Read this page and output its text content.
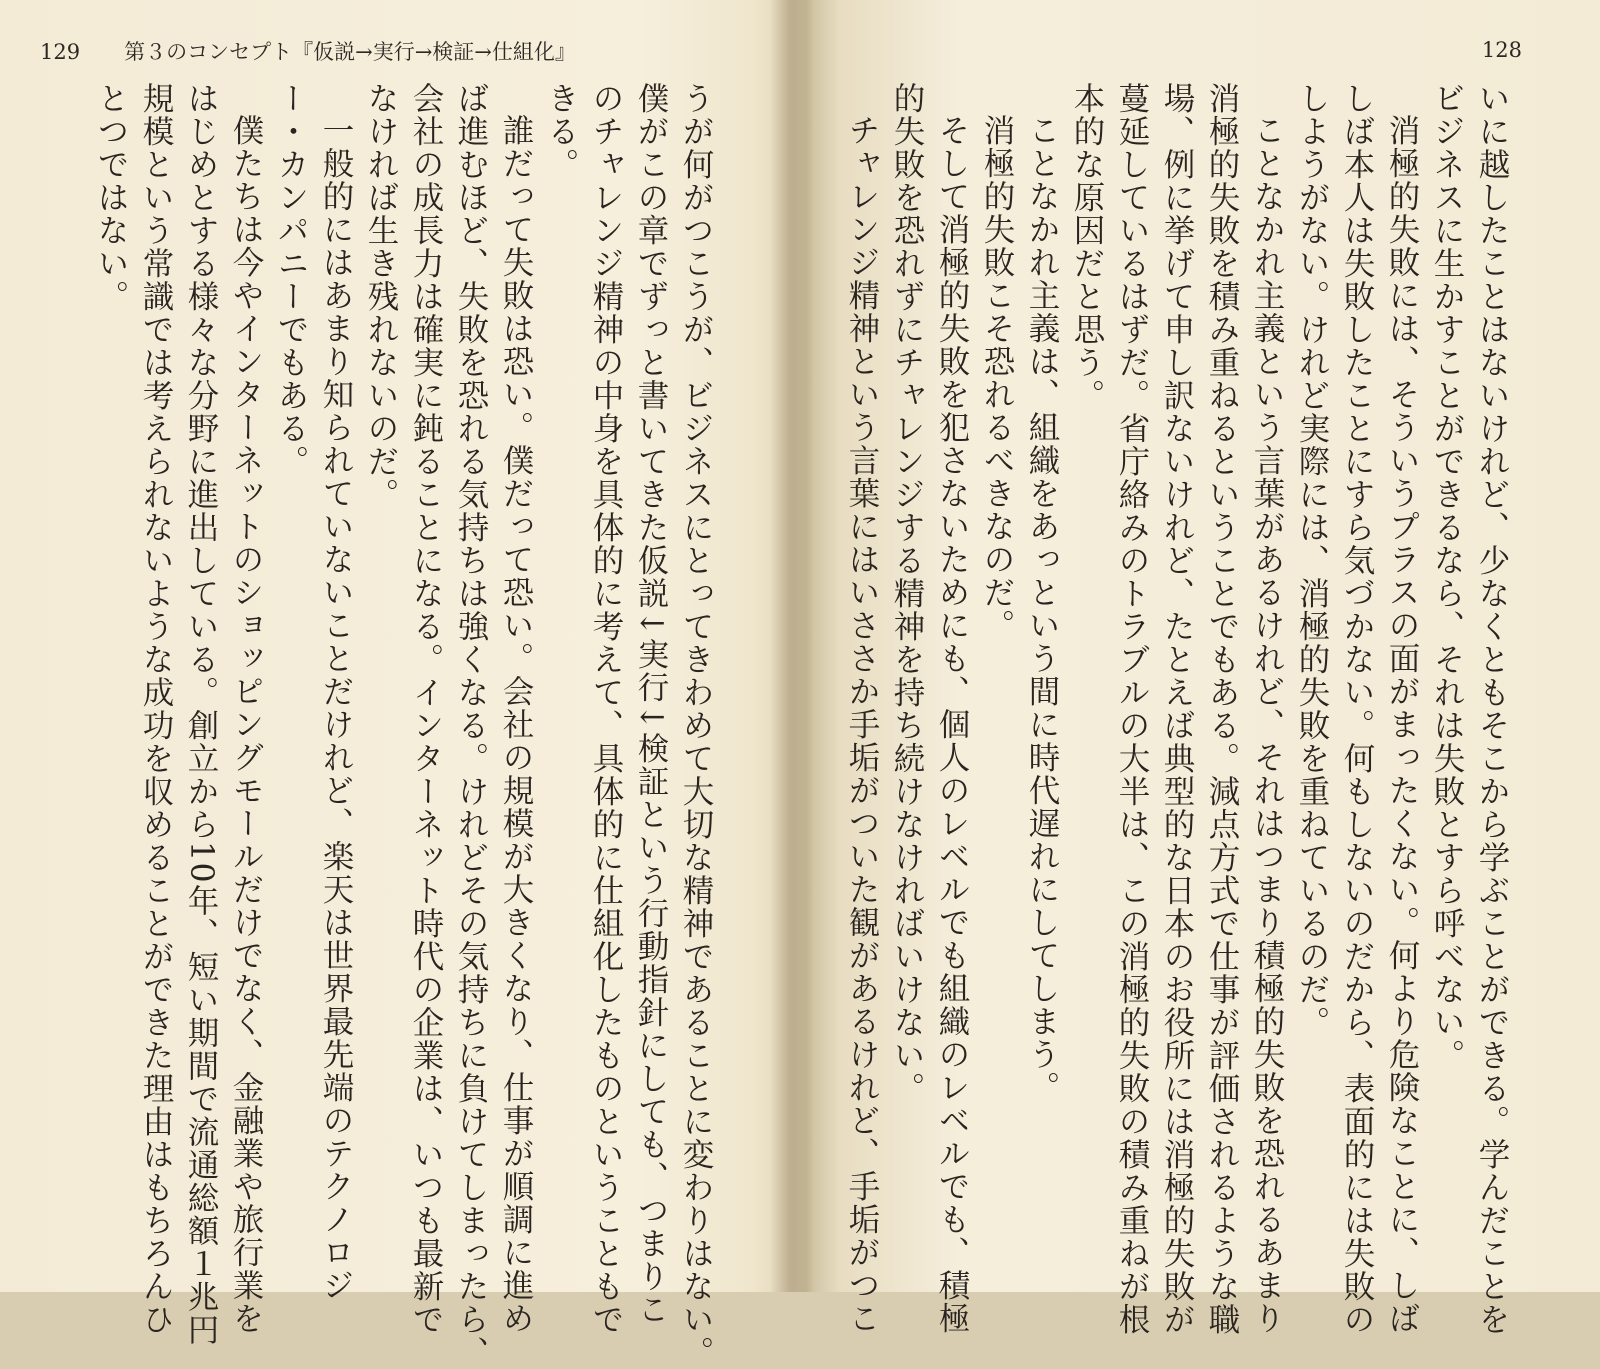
129 第３のコンセプト『仮説→実行→検証→仕組化』

うが何がつこうが、ビジネスにとってきわめて大切な精神であることに変わりはない。

僕がこの章でずっと書いてきた仮説↓実行↓検証という行動指針にしても、つまりこ

のチャレンジ精神の中身を具体的に考えて、具体的に仕組化したものということもで

きる。

誰だって失敗は恐い。僕だって恐い。会社の規模が大きくなり、仕事が順調に進め

ば進むほど、失敗を恐れる気持ちは強くなる。けれどその気持ちに負けてしまったら、

会社の成長力は確実に鈍ることになる。インターネット時代の企業は、いつも最新で

なければ生き残れないのだ。

一般的にはあまり知られていないことだけれど、楽天は世界最先端のテクノロジ

ー・カンパニーでもある。

僕たちは今やインターネットのショッピングモールだけでなく、金融業や旅行業を

はじめとする様々な分野に進出している。創立から10年、短い期間で流通総額１兆円

規模という常識では考えられないような成功を収めることができた理由はもちろんひ

とつではない。

128

いに越したことはないけれど、少なくともそこから学ぶことができる。学んだことを

ビジネスに生かすことができるなら、それは失敗とすら呼べない。

消極的失敗には、そういうプラスの面がまったくない。何より危険なことに、しば

しば本人は失敗したことにすら気づかない。何もしないのだから、表面的には失敗の

しようがない。けれど実際には、消極的失敗を重ねているのだ。

ことなかれ主義という言葉があるけれど、それはつまり積極的失敗を恐れるあまり

消極的失敗を積み重ねるということでもある。減点方式で仕事が評価されるような職

場、例に挙げて申し訳ないけれど、たとえば典型的な日本のお役所には消極的失敗が

蔓延しているはずだ。省庁絡みのトラブルの大半は、この消極的失敗の積み重ねが根

本的な原因だと思う。

ことなかれ主義は、組織をあっという間に時代遅れにしてしまう。

消極的失敗こそ恐れるべきなのだ。

そして消極的失敗を犯さないためにも、個人のレベルでも組織のレベルでも、積極

的失敗を恐れずにチャレンジする精神を持ち続けなければいけない。

チャレンジ精神という言葉にはいささか手垢がついた観があるけれど、手垢がつこ
